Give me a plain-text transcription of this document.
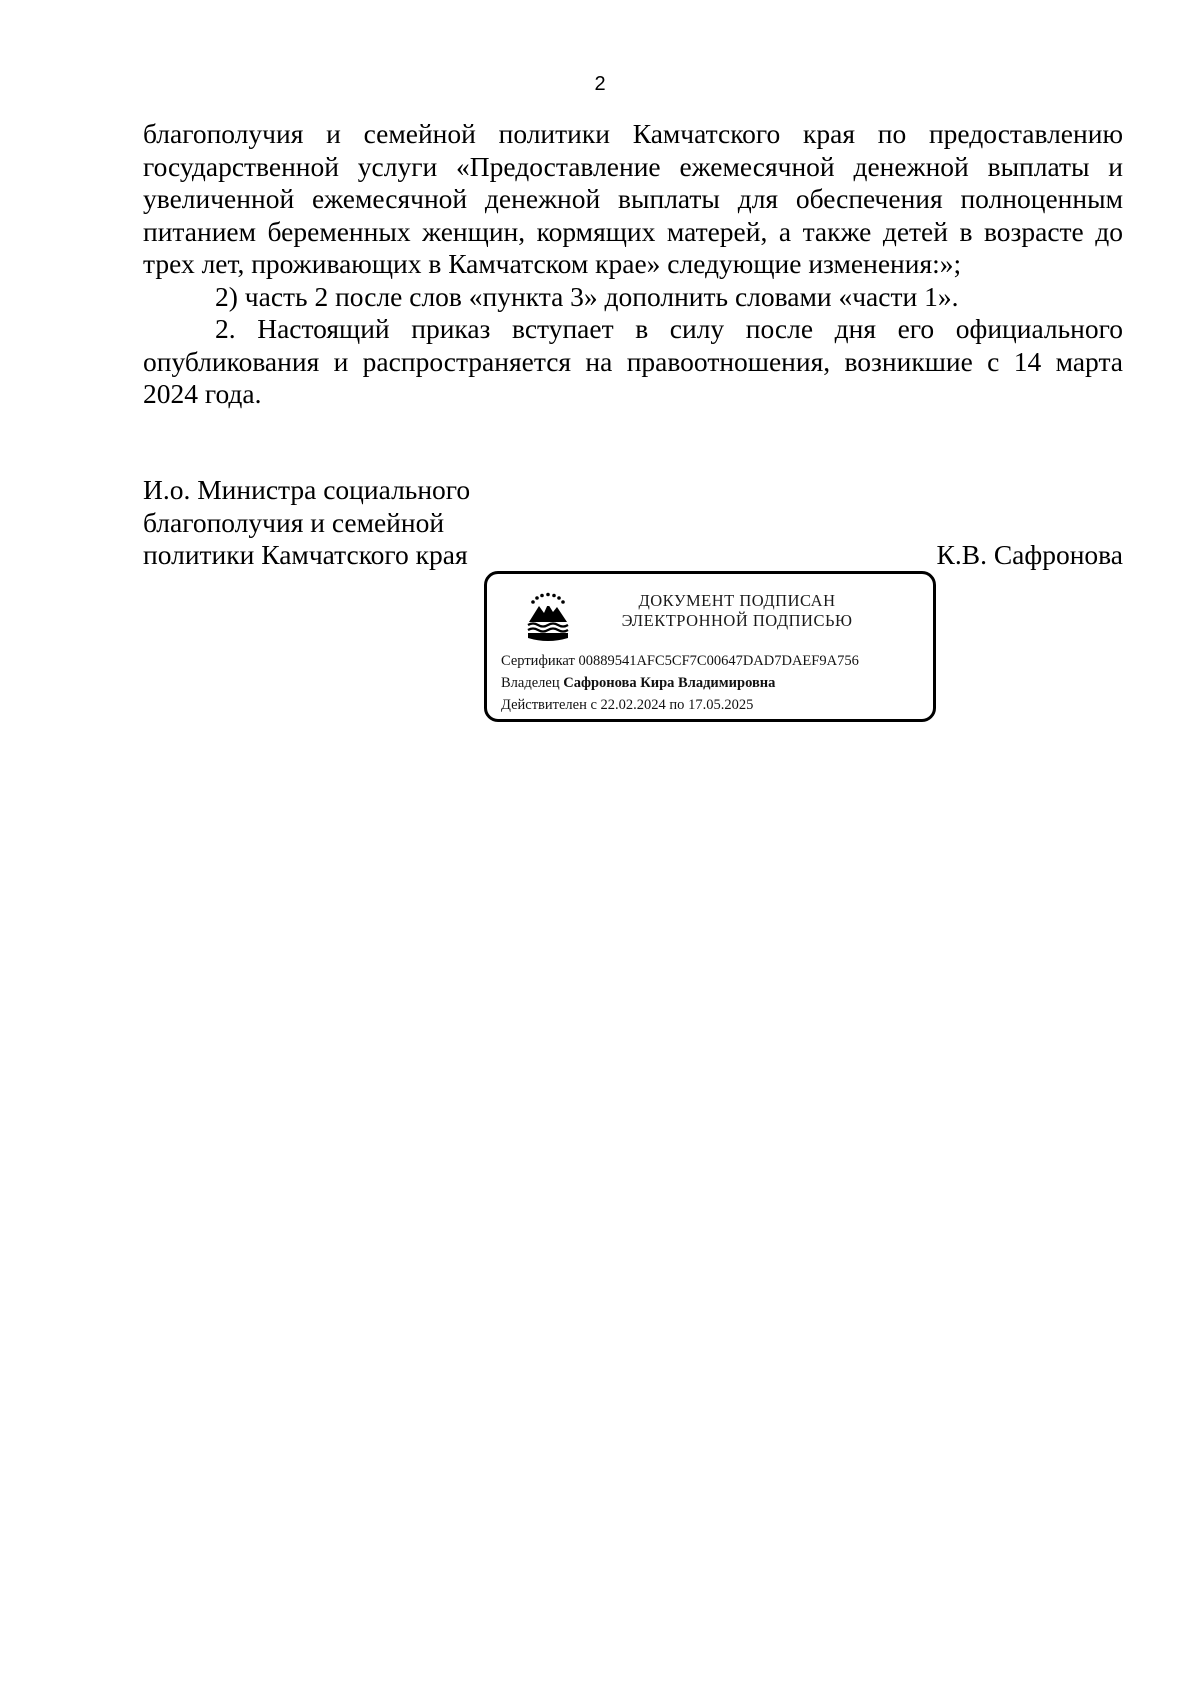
2

благополучия и семейной политики Камчатского края по предоставлению государственной услуги «Предоставление ежемесячной денежной выплаты и увеличенной ежемесячной денежной выплаты для обеспечения полноценным питанием беременных женщин, кормящих матерей, а также детей в возрасте до трех лет, проживающих в Камчатском крае» следующие изменения:»;

2) часть 2 после слов «пункта 3» дополнить словами «части 1».

2. Настоящий приказ вступает в силу после дня его официального опубликования и распространяется на правоотношения, возникшие с 14 марта 2024 года.

И.о. Министра социального
благополучия и семейной
политики Камчатского края	К.В. Сафронова
ДОКУМЕНТ ПОДПИСАН
ЭЛЕКТРОННОЙ ПОДПИСЬЮ
Сертификат 00889541AFC5CF7C00647DAD7DAEF9A756
Владелец Сафронова Кира Владимировна
Действителен с 22.02.2024 по 17.05.2025
